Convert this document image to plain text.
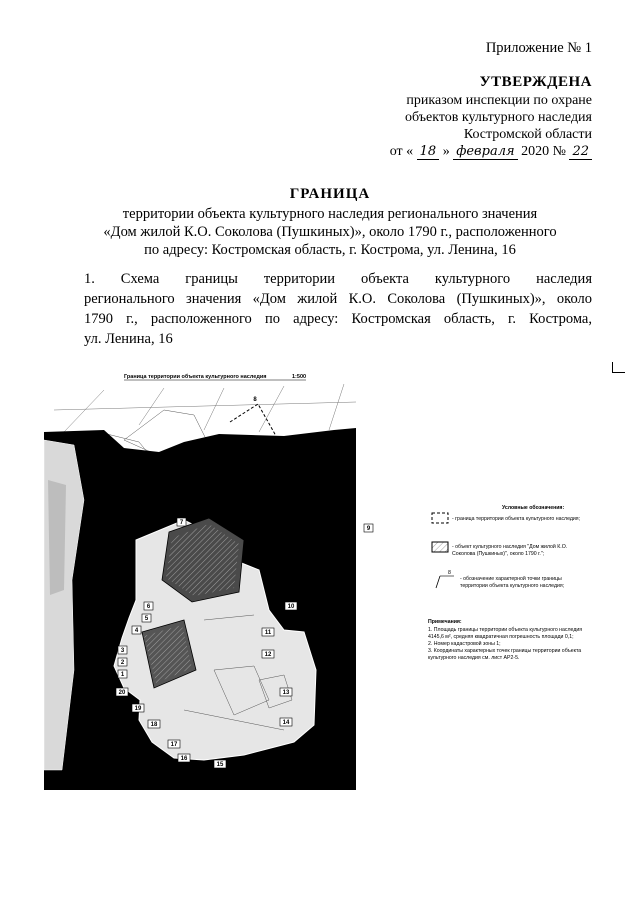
Приложение № 1
УТВЕРЖДЕНА
приказом инспекции по охране
объектов культурного наследия
Костромской области
от « 18 » февраля 2020 № 22
ГРАНИЦА
территории объекта культурного наследия регионального значения
«Дом жилой К.О. Соколова (Пушкиных)», около 1790 г., расположенного
по адресу: Костромская область, г. Кострома, ул. Ленина, 16
1. Схема границы территории объекта культурного наследия
регионального значения «Дом жилой К.О. Соколова (Пушкиных)», около
1790 г., расположенного по адресу: Костромская область, г. Кострома,
ул. Ленина, 16
Граница территории объекта культурного наследия	1:500
8
7
9
10
11
12
13
14
15
16
17
18
19
20
1
2
3
4
5
6
Условные обозначения:
- граница территории объекта культурного наследия;
- объект культурного наследия "Дом жилой К.О.
Соколова (Пушкиных)", около 1790 г.";
8
- обозначение характерной точки границы
территории объекта культурного наследия;
Примечания:
1. Площадь границы территории объекта культурного наследия
4145,6 м², средняя квадратичная погрешность площади 0,1;
2. Номер кадастровой зоны 1;
3. Координаты характерных точек границы территории объекта
культурного наследия см. лист АР2-5.
